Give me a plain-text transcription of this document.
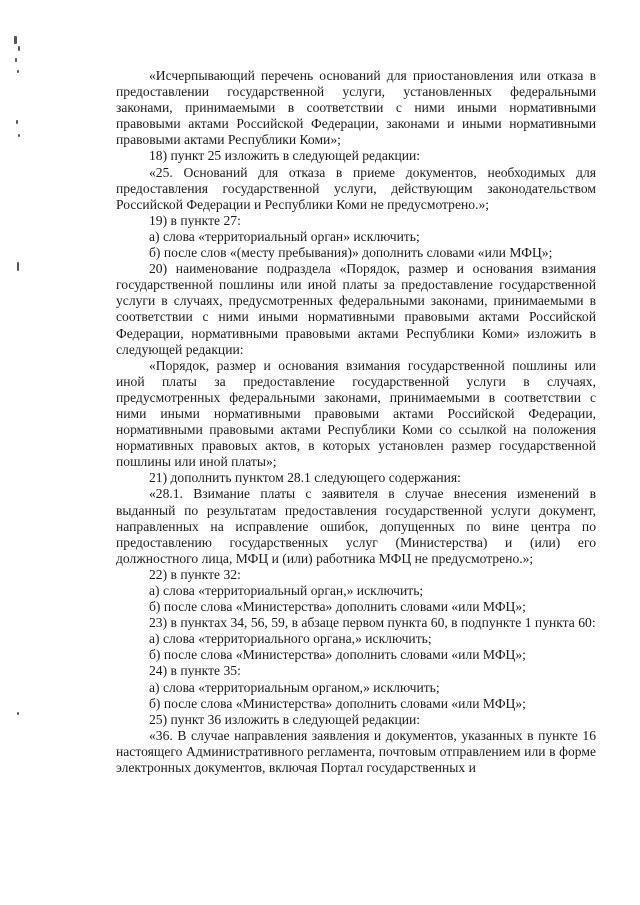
«Исчерпывающий перечень оснований для приостановления или отказа в предоставлении государственной услуги, установленных федеральными законами, принимаемыми в соответствии с ними иными нормативными правовыми актами Российской Федерации, законами и иными нормативными правовыми актами Республики Коми»;

18) пункт 25 изложить в следующей редакции:

«25. Оснований для отказа в приеме документов, необходимых для предоставления государственной услуги, действующим законодательством Российской Федерации и Республики Коми не предусмотрено.»;

19) в пункте 27:

а) слова «территориальный орган» исключить;

б) после слов «(месту пребывания)» дополнить словами «или МФЦ»;

20) наименование подраздела «Порядок, размер и основания взимания государственной пошлины или иной платы за предоставление государственной услуги в случаях, предусмотренных федеральными законами, принимаемыми в соответствии с ними иными нормативными правовыми актами Российской Федерации, нормативными правовыми актами Республики Коми» изложить в следующей редакции:

«Порядок, размер и основания взимания государственной пошлины или иной платы за предоставление государственной услуги в случаях, предусмотренных федеральными законами, принимаемыми в соответствии с ними иными нормативными правовыми актами Российской Федерации, нормативными правовыми актами Республики Коми со ссылкой на положения нормативных правовых актов, в которых установлен размер государственной пошлины или иной платы»;

21) дополнить пунктом 28.1 следующего содержания:

«28.1. Взимание платы с заявителя в случае внесения изменений в выданный по результатам предоставления государственной услуги документ, направленных на исправление ошибок, допущенных по вине центра по предоставлению государственных услуг (Министерства) и (или) его должностного лица, МФЦ и (или) работника МФЦ не предусмотрено.»;

22) в пункте 32:

а) слова «территориальный орган,» исключить;

б) после слова «Министерства» дополнить словами «или МФЦ»;

23) в пунктах 34, 56, 59, в абзаце первом пункта 60, в подпункте 1 пункта 60:

а) слова «территориального органа,» исключить;

б) после слова «Министерства» дополнить словами «или МФЦ»;

24) в пункте 35:

а) слова «территориальным органом,» исключить;

б) после слова «Министерства» дополнить словами «или МФЦ»;

25) пункт 36 изложить в следующей редакции:

«36. В случае направления заявления и документов, указанных в пункте 16 настоящего Административного регламента, почтовым отправлением или в форме электронных документов, включая Портал государственных и
